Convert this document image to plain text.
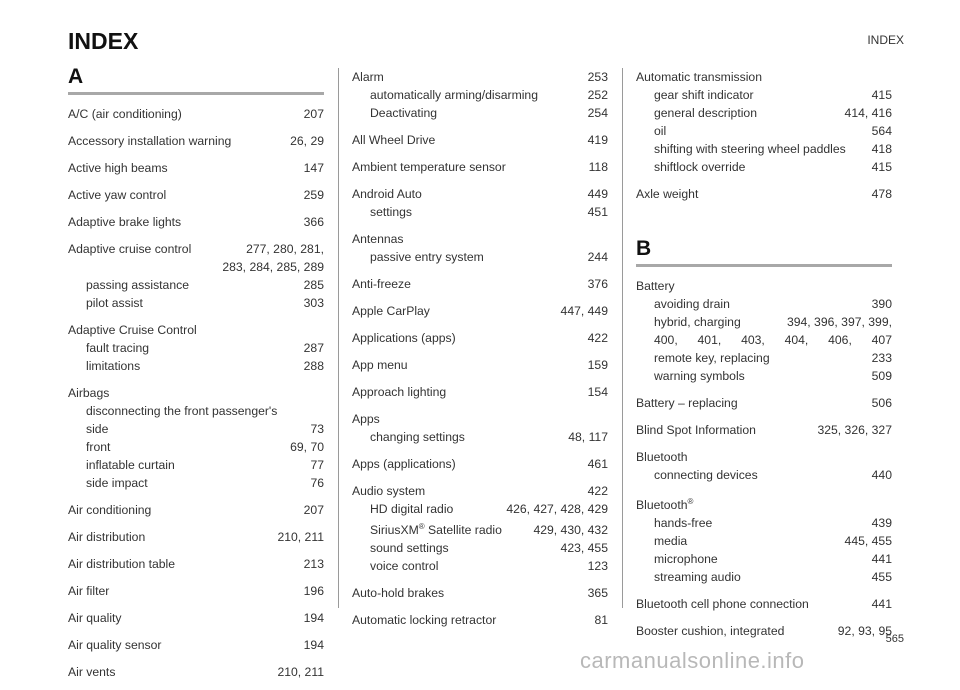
INDEX	INDEX
A
A/C (air conditioning)	207
Accessory installation warning	26, 29
Active high beams	147
Active yaw control	259
Adaptive brake lights	366
Adaptive cruise control	277, 280, 281,
283, 284, 285, 289
passing assistance	285
pilot assist	303
Adaptive Cruise Control
fault tracing	287
limitations	288
Airbags
disconnecting the front passenger's
side	73
front	69, 70
inflatable curtain	77
side impact	76
Air conditioning	207
Air distribution	210, 211
Air distribution table	213
Air filter	196
Air quality	194
Air quality sensor	194
Air vents	210, 211
Alarm	253
automatically arming/disarming	252
Deactivating	254
All Wheel Drive	419
Ambient temperature sensor	118
Android Auto	449
settings	451
Antennas
passive entry system	244
Anti-freeze	376
Apple CarPlay	447, 449
Applications (apps)	422
App menu	159
Approach lighting	154
Apps
changing settings	48, 117
Apps (applications)	461
Audio system	422
HD digital radio	426, 427, 428, 429
SiriusXM® Satellite radio	429, 430, 432
sound settings	423, 455
voice control	123
Auto-hold brakes	365
Automatic locking retractor	81
Automatic transmission
gear shift indicator	415
general description	414, 416
oil	564
shifting with steering wheel paddles 418
shiftlock override	415
Axle weight	478
B
Battery
avoiding drain	390
hybrid, charging	394, 396, 397, 399,
400, 401, 403, 404, 406, 407
remote key, replacing	233
warning symbols	509
Battery – replacing	506
Blind Spot Information	325, 326, 327
Bluetooth
connecting devices	440
Bluetooth®
hands-free	439
media	445, 455
microphone	441
streaming audio	455
Bluetooth cell phone connection	441
Booster cushion, integrated	92, 93, 95
565
carmanualsonline.info
